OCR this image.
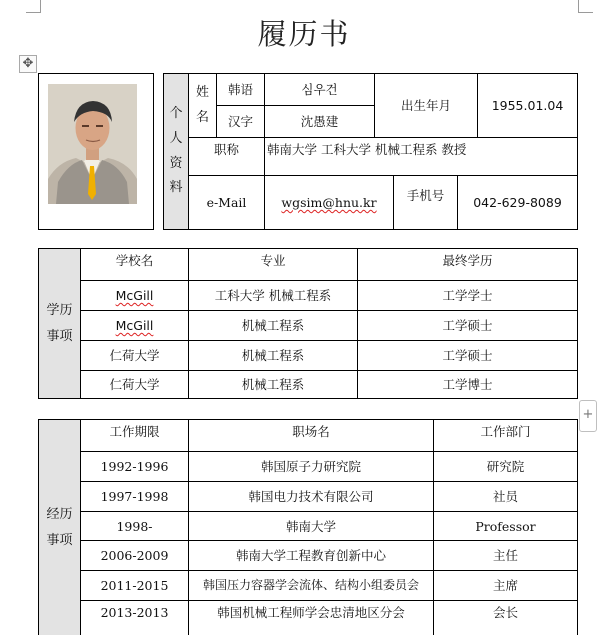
✥
+
履历书
个人资料
姓名
韩语	심우건
汉字	沈愚建
出生年月	1955.01.04
职称	韩南大学 工科大学 机械工程系 教授
e-Mail	wgsim@hnu.kr	手机号	042-629-8089
学历事项
学校名	专业	最终学历
McGill	工科大学 机械工程系	工学学士
McGill	机械工程系	工学硕士
仁荷大学	机械工程系	工学硕士
仁荷大学	机械工程系	工学博士
经历事项
工作期限	职场名	工作部门
1992-1996	韩国原子力研究院	研究院
1997-1998	韩国电力技术有限公司	社员
1998-	韩南大学	Professor
2006-2009	韩南大学工程教育创新中心	主任
2011-2015	韩国压力容器学会流体、结构小组委员会	主席
2013-2013	韩国机械工程师学会忠清地区分会	会长
